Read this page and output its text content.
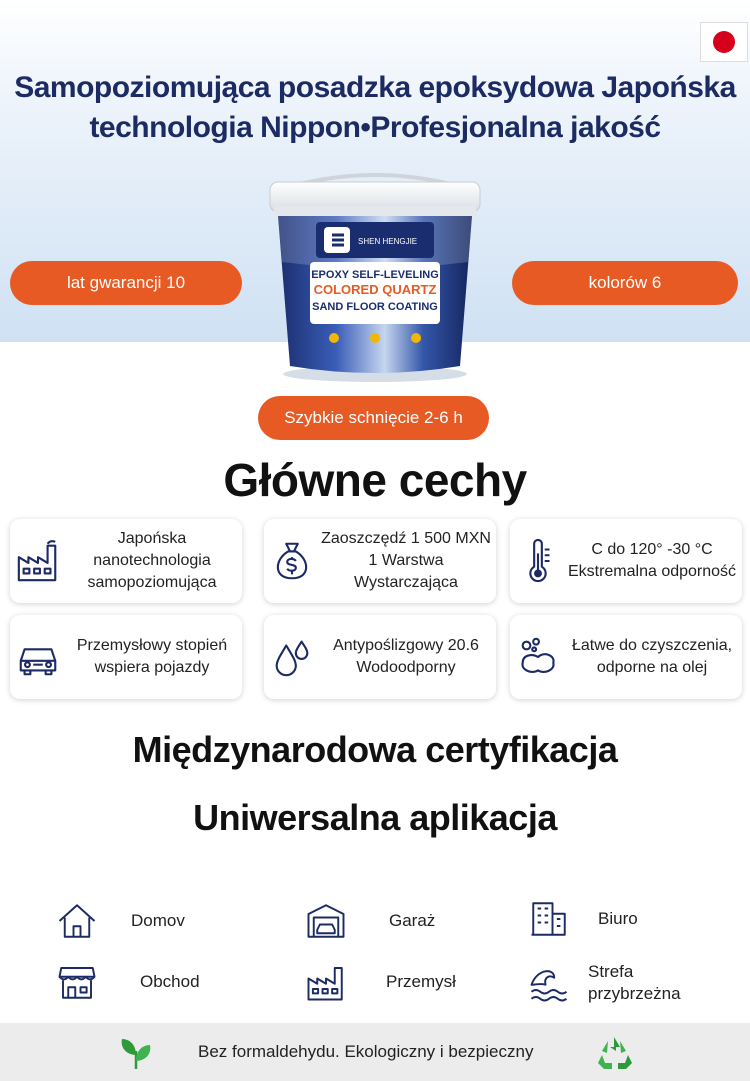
Samopoziomująca posadzka epoksydowa Japońska
technologia Nippon•Profesjonalna jakość
SHEN HENGJIE
EPOXY SELF-LEVELING
COLORED QUARTZ
SAND FLOOR COATING
lat gwarancji 10	kolorów 6
Szybkie schnięcie 2-6 h
Główne cechy
Japońska nanotechnologia samopoziomująca
Zaoszczędź 1 500 MXN 1 Warstwa Wystarczająca
C do 120° -30 °C Ekstremalna odporność
Przemysłowy stopień wspiera pojazdy
Antypoślizgowy 20.6 Wodoodporny
Łatwe do czyszczenia, odporne na olej
Międzynarodowa certyfikacja
Uniwersalna aplikacja
Domov	Garaż	Biuro
Obchod	Przemysł
Strefa przybrzeżna
Bez formaldehydu. Ekologiczny i bezpieczny
